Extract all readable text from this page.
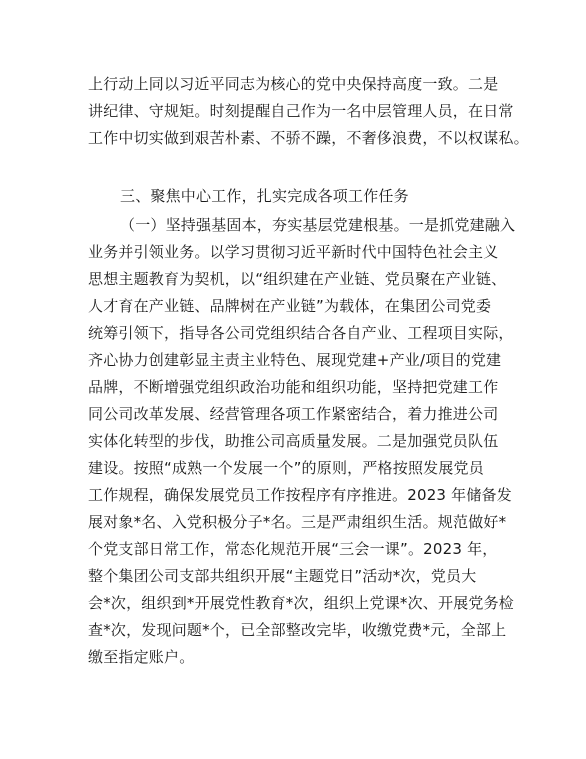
上行动上同以习近平同志为核心的党中央保持高度一致。二是
讲纪律、守规矩。时刻提醒自己作为一名中层管理人员，在日常
工作中切实做到艰苦朴素、不骄不躁，不奢侈浪费，不以权谋私。
三、聚焦中心工作，扎实完成各项工作任务
（一）坚持强基固本，夯实基层党建根基。一是抓党建融入
业务并引领业务。以学习贯彻习近平新时代中国特色社会主义
思想主题教育为契机，以“组织建在产业链、党员聚在产业链、
人才育在产业链、品牌树在产业链”为载体，在集团公司党委
统筹引领下，指导各公司党组织结合各自产业、工程项目实际，
齐心协力创建彰显主责主业特色、展现党建+产业/项目的党建
品牌，不断增强党组织政治功能和组织功能，坚持把党建工作
同公司改革发展、经营管理各项工作紧密结合，着力推进公司
实体化转型的步伐，助推公司高质量发展。二是加强党员队伍
建设。按照“成熟一个发展一个”的原则，严格按照发展党员
工作规程，确保发展党员工作按程序有序推进。2023 年储备发
展对象*名、入党积极分子*名。三是严肃组织生活。规范做好*
个党支部日常工作，常态化规范开展“三会一课”。2023 年，
整个集团公司支部共组织开展“主题党日”活动*次，党员大
会*次，组织到*开展党性教育*次，组织上党课*次、开展党务检
查*次，发现问题*个，已全部整改完毕，收缴党费*元，全部上
缴至指定账户。
